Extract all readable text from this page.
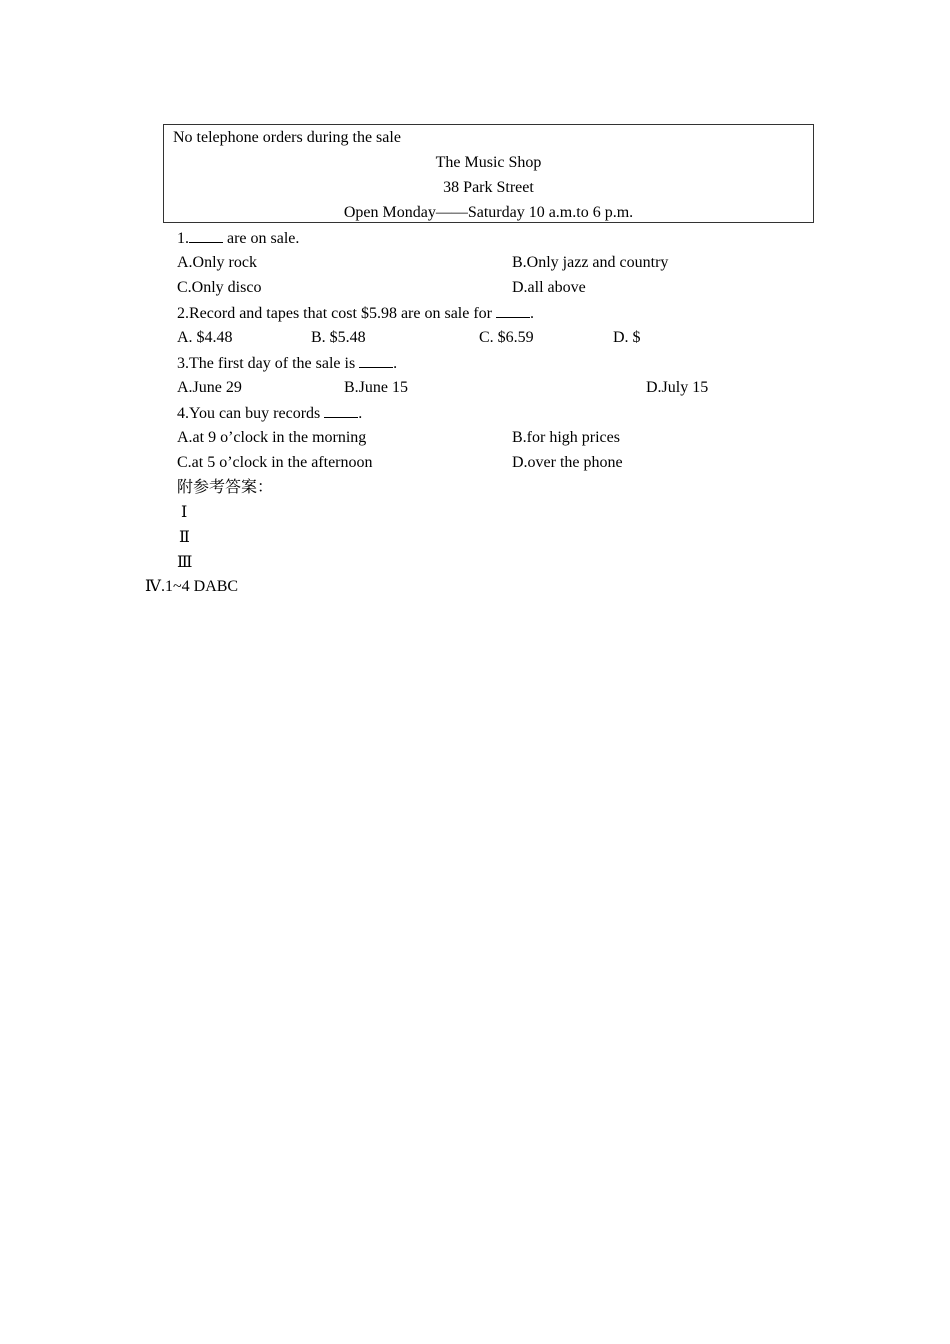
No telephone orders during the sale
The Music Shop
38 Park Street
Open Monday——Saturday 10 a.m.to 6 p.m.
1. are on sale.
A.Only rock	B.Only jazz and country
C.Only disco	D.all above
2.Record and tapes that cost $5.98 are on sale for .
A. $4.48	B. $5.48	C. $6.59	D. $
3.The first day of the sale is .
A.June 29	B.June 15	D.July 15
4.You can buy records .
A.at 9 o’clock in the morning	B.for high prices
C.at 5 o’clock in the afternoon	D.over the phone
附参考答案：
Ⅰ
Ⅱ
Ⅲ
Ⅳ.1~4 DABC
